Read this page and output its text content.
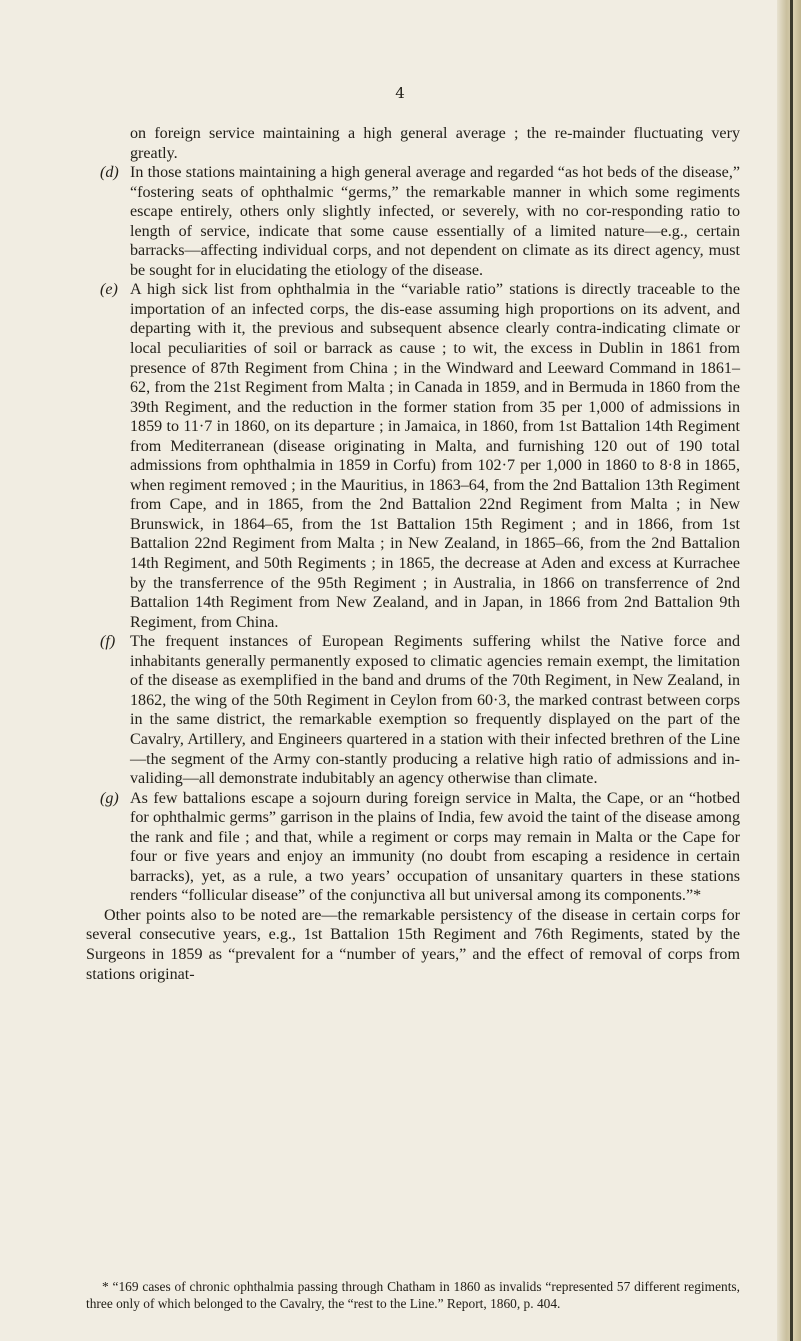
4

on foreign service maintaining a high general average ; the re-mainder fluctuating very greatly.

(d) In those stations maintaining a high general average and regarded “as hot beds of the disease,” “fostering seats of ophthalmic “germs,” the remarkable manner in which some regiments escape entirely, others only slightly infected, or severely, with no cor-responding ratio to length of service, indicate that some cause essentially of a limited nature—e.g., certain barracks—affecting individual corps, and not dependent on climate as its direct agency, must be sought for in elucidating the etiology of the disease.
(e) A high sick list from ophthalmia in the “variable ratio” stations is directly traceable to the importation of an infected corps, the dis-ease assuming high proportions on its advent, and departing with it, the previous and subsequent absence clearly contra-indicating climate or local peculiarities of soil or barrack as cause ; to wit, the excess in Dublin in 1861 from presence of 87th Regiment from China ; in the Windward and Leeward Command in 1861–62, from the 21st Regiment from Malta ; in Canada in 1859, and in Bermuda in 1860 from the 39th Regiment, and the reduction in the former station from 35 per 1,000 of admissions in 1859 to 11·7 in 1860, on its departure ; in Jamaica, in 1860, from 1st Battalion 14th Regiment from Mediterranean (disease originating in Malta, and furnishing 120 out of 190 total admissions from ophthalmia in 1859 in Corfu) from 102·7 per 1,000 in 1860 to 8·8 in 1865, when regiment removed ; in the Mauritius, in 1863–64, from the 2nd Battalion 13th Regiment from Cape, and in 1865, from the 2nd Battalion 22nd Regiment from Malta ; in New Brunswick, in 1864–65, from the 1st Battalion 15th Regiment ; and in 1866, from 1st Battalion 22nd Regiment from Malta ; in New Zealand, in 1865–66, from the 2nd Battalion 14th Regiment, and 50th Regiments ; in 1865, the decrease at Aden and excess at Kurrachee by the transferrence of the 95th Regiment ; in Australia, in 1866 on transferrence of 2nd Battalion 14th Regiment from New Zealand, and in Japan, in 1866 from 2nd Battalion 9th Regiment, from China.
(f) The frequent instances of European Regiments suffering whilst the Native force and inhabitants generally permanently exposed to climatic agencies remain exempt, the limitation of the disease as exemplified in the band and drums of the 70th Regiment, in New Zealand, in 1862, the wing of the 50th Regiment in Ceylon from 60·3, the marked contrast between corps in the same district, the remarkable exemption so frequently displayed on the part of the Cavalry, Artillery, and Engineers quartered in a station with their infected brethren of the Line—the segment of the Army con-stantly producing a relative high ratio of admissions and in-validing—all demonstrate indubitably an agency otherwise than climate.
(g) As few battalions escape a sojourn during foreign service in Malta, the Cape, or an “hotbed for ophthalmic germs” garrison in the plains of India, few avoid the taint of the disease among the rank and file ; and that, while a regiment or corps may remain in Malta or the Cape for four or five years and enjoy an immunity (no doubt from escaping a residence in certain barracks), yet, as a rule, a two years’ occupation of unsanitary quarters in these stations renders “follicular disease” of the conjunctiva all but universal among its components.”*

Other points also to be noted are—the remarkable persistency of the disease in certain corps for several consecutive years, e.g., 1st Battalion 15th Regiment and 76th Regiments, stated by the Surgeons in 1859 as “prevalent for a “number of years,” and the effect of removal of corps from stations originat-

* “169 cases of chronic ophthalmia passing through Chatham in 1860 as invalids “represented 57 different regiments, three only of which belonged to the Cavalry, the “rest to the Line.” Report, 1860, p. 404.
